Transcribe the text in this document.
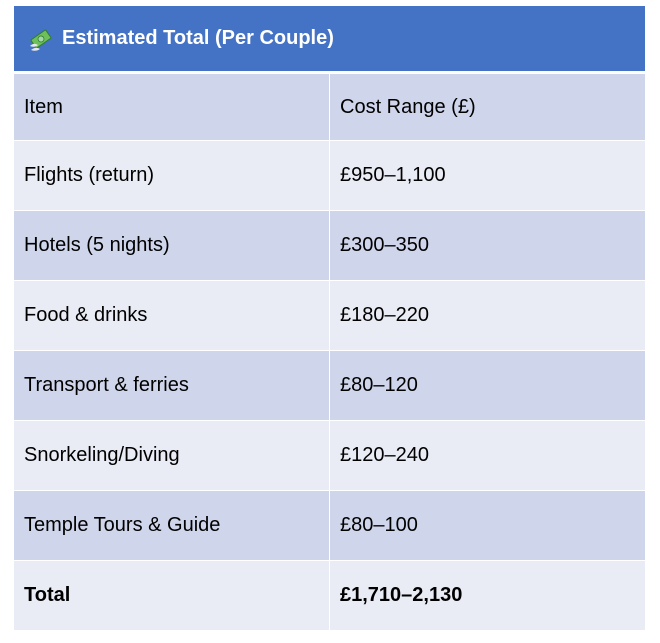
Estimated Total (Per Couple)
Item	Cost Range (£)
Flights (return)	£950–1,100
Hotels (5 nights)	£300–350
Food & drinks	£180–220
Transport & ferries	£80–120
Snorkeling/Diving	£120–240
Temple Tours & Guide	£80–100
Total	£1,710–2,130
